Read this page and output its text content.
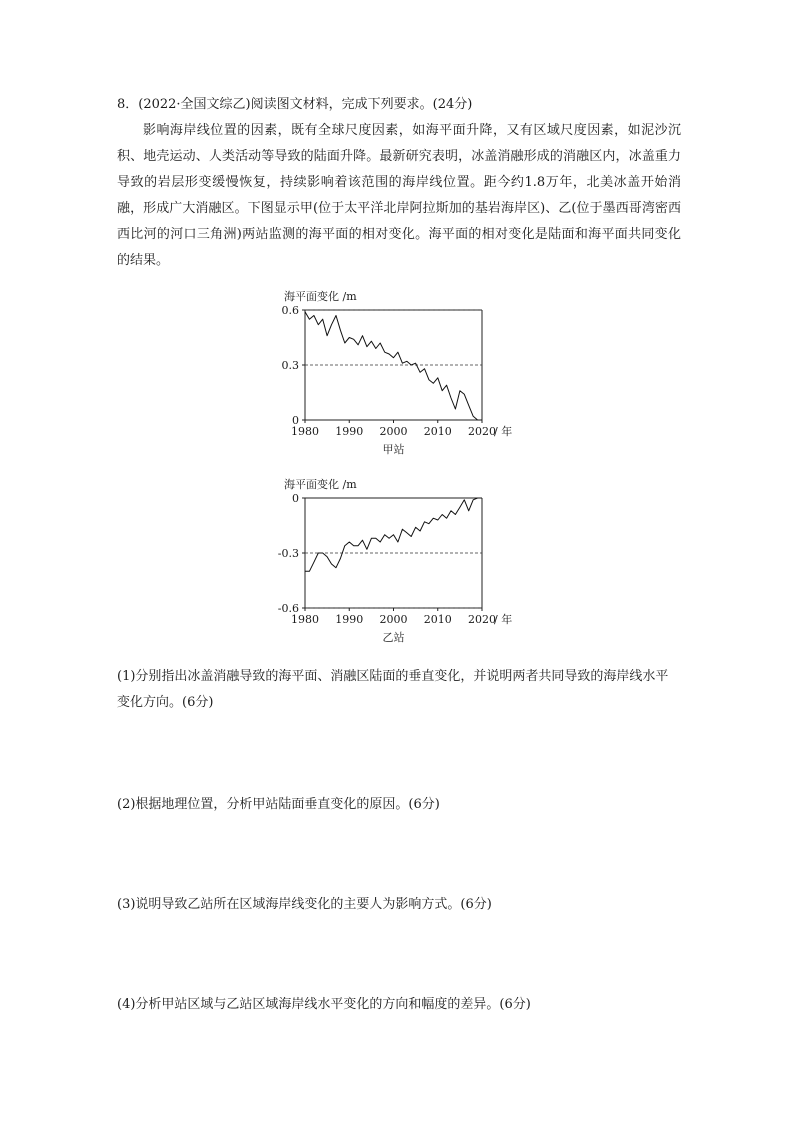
8．(2022·全国文综乙)阅读图文材料，完成下列要求。(24分)

影响海岸线位置的因素，既有全球尺度因素，如海平面升降，又有区域尺度因素，如泥沙沉积、地壳运动、人类活动等导致的陆面升降。最新研究表明，冰盖消融形成的消融区内，冰盖重力导致的岩层形变缓慢恢复，持续影响着该范围的海岸线位置。距今约1.8万年，北美冰盖开始消融，形成广大消融区。下图显示甲(位于太平洋北岸阿拉斯加的基岩海岸区)、乙(位于墨西哥湾密西西比河的河口三角洲)两站监测的海平面的相对变化。海平面的相对变化是陆面和海平面共同变化的结果。

海平面变化 /m
0
0.3
0.6
1980 1990 2000 2010 2020
/ 年
甲站
海平面变化 /m
0
-0.3
-0.6
1980 1990 2000 2010 2020
/ 年
乙站

(1)分别指出冰盖消融导致的海平面、消融区陆面的垂直变化，并说明两者共同导致的海岸线水平变化方向。(6分)

(2)根据地理位置，分析甲站陆面垂直变化的原因。(6分)

(3)说明导致乙站所在区域海岸线变化的主要人为影响方式。(6分)

(4)分析甲站区域与乙站区域海岸线水平变化的方向和幅度的差异。(6分)
